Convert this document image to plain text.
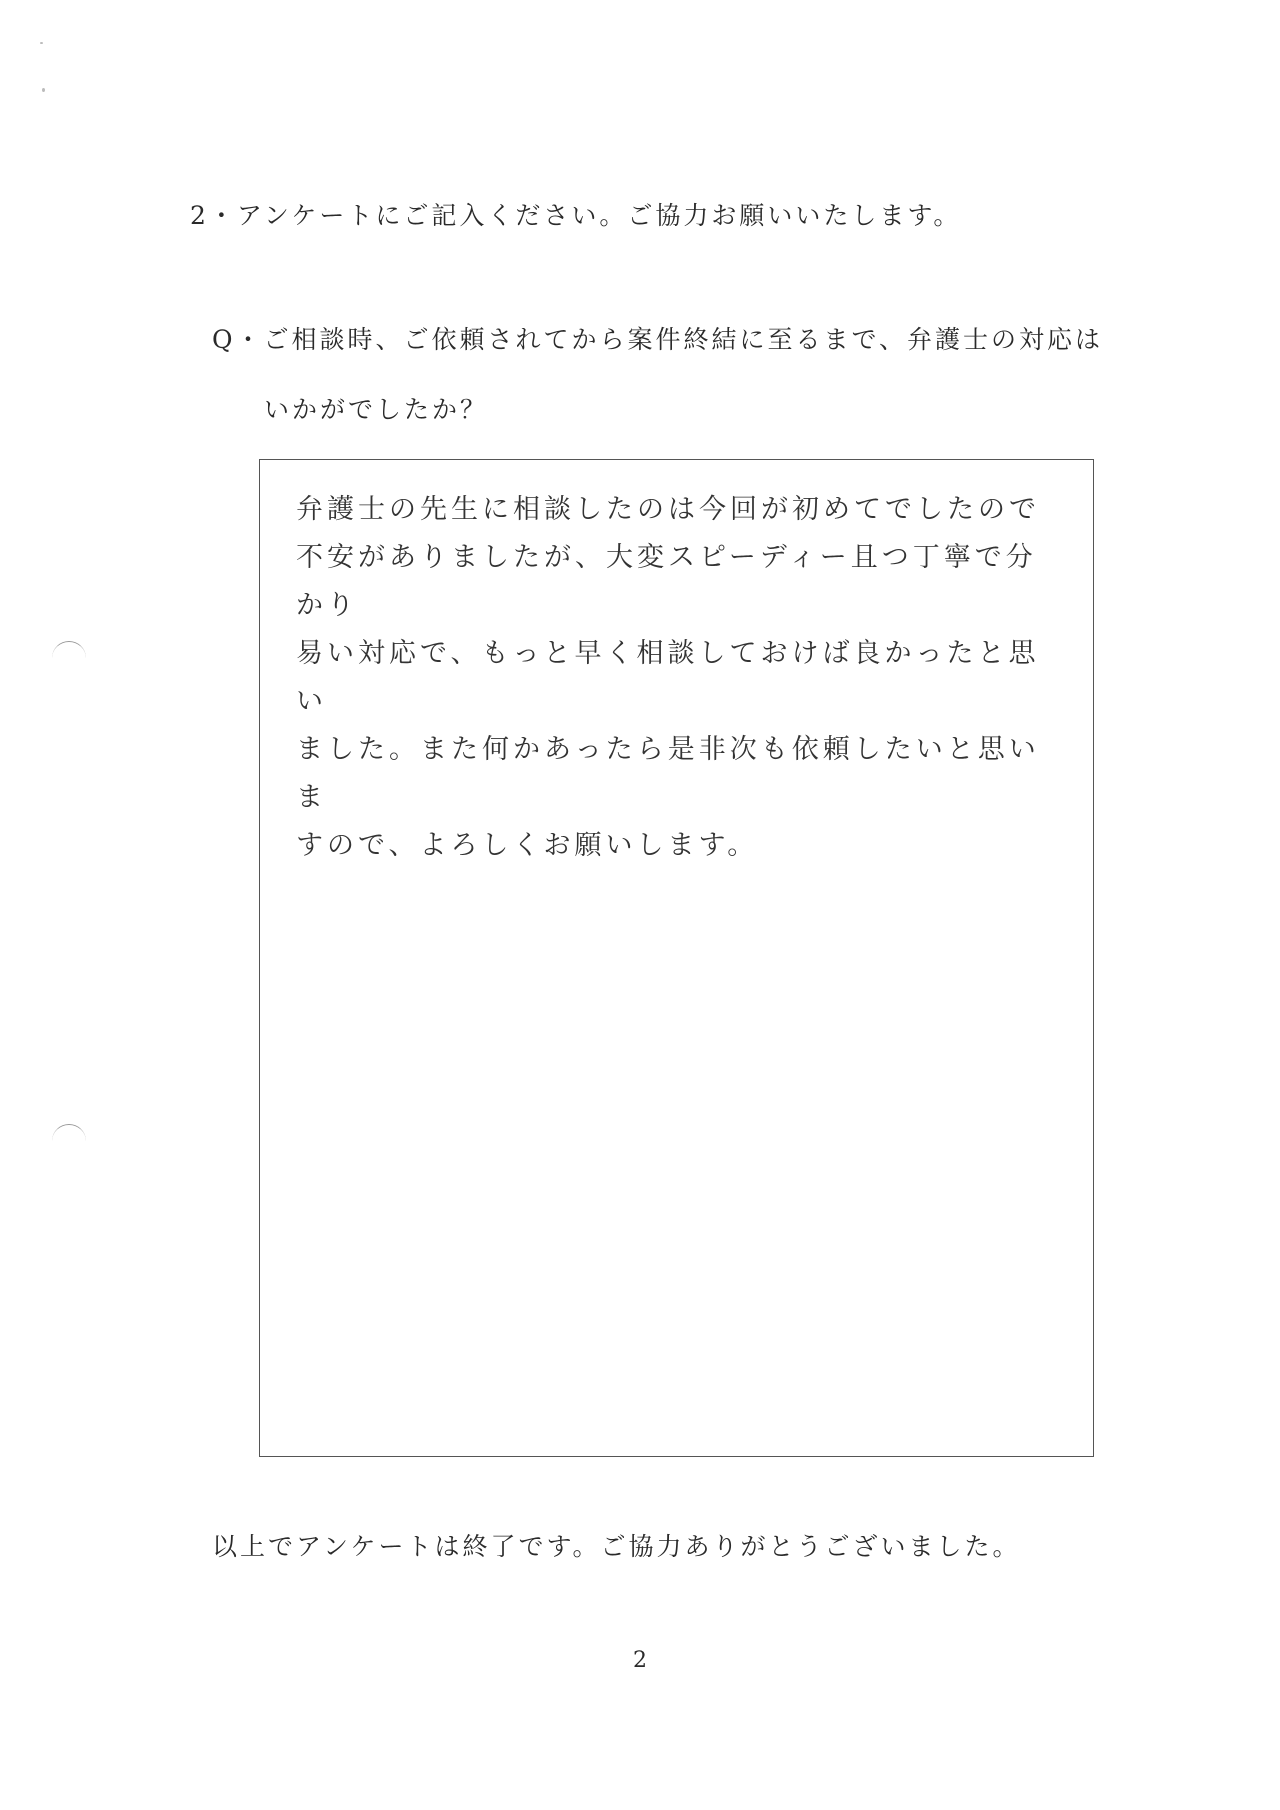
2・アンケートにご記入ください。ご協力お願いいたします。
Q・ご相談時、ご依頼されてから案件終結に至るまで、弁護士の対応は
いかがでしたか？
弁護士の先生に相談したのは今回が初めてでしたので
不安がありましたが、大変スピーディー且つ丁寧で分かり
易い対応で、もっと早く相談しておけば良かったと思い
ました。また何かあったら是非次も依頼したいと思いま
すので、よろしくお願いします。
以上でアンケートは終了です。ご協力ありがとうございました。
2
